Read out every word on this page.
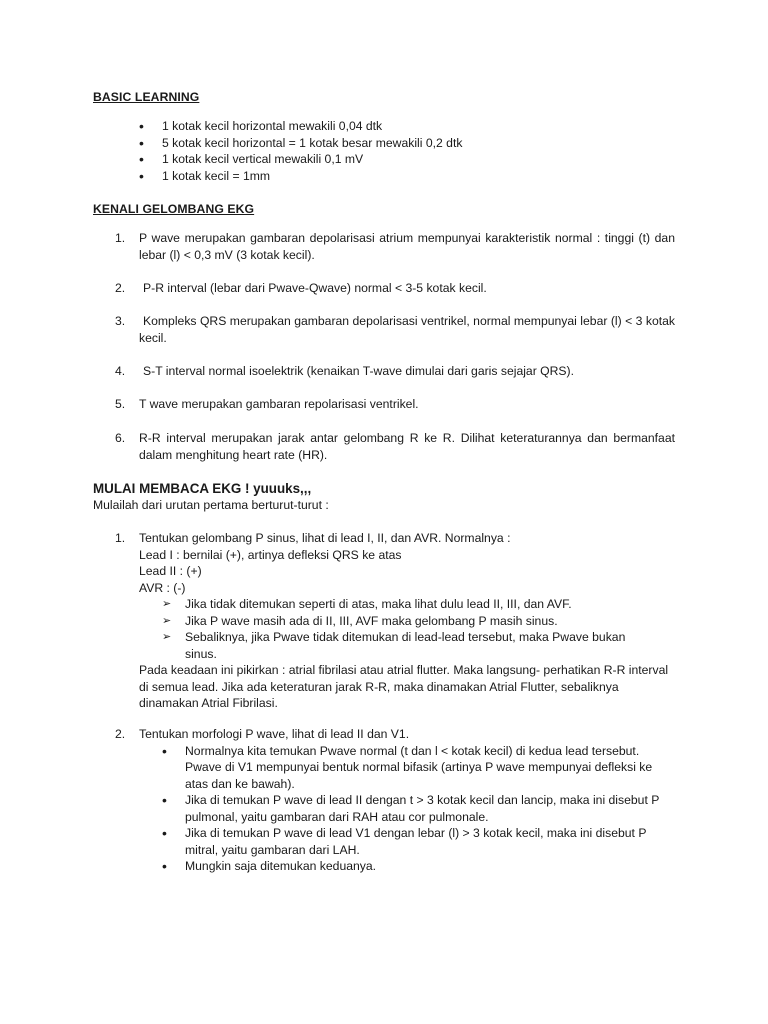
BASIC LEARNING
• 1 kotak kecil horizontal mewakili 0,04 dtk
• 5 kotak kecil horizontal = 1 kotak besar mewakili 0,2 dtk
• 1 kotak kecil vertical mewakili 0,1 mV
• 1 kotak kecil = 1mm
KENALI GELOMBANG EKG
1.	P wave merupakan gambaran depolarisasi atrium mempunyai karakteristik normal : tinggi (t) dan lebar (l) < 0,3 mV (3 kotak kecil).
2.	P-R interval (lebar dari Pwave-Qwave) normal < 3-5 kotak kecil.
3.	Kompleks QRS merupakan gambaran depolarisasi ventrikel, normal mempunyai lebar (l) < 3 kotak kecil.
4.	S-T interval normal isoelektrik (kenaikan T-wave dimulai dari garis sejajar QRS).
5.	T wave merupakan gambaran repolarisasi ventrikel.
6.	R-R interval merupakan jarak antar gelombang R ke R. Dilihat keteraturannya dan bermanfaat dalam menghitung heart rate (HR).
MULAI MEMBACA EKG ! yuuuks,,,
Mulailah dari urutan pertama berturut-turut :
1.	Tentukan gelombang P sinus, lihat di lead I, II, dan AVR. Normalnya :
Lead I : bernilai (+), artinya defleksi QRS ke atas
Lead II : (+)
AVR : (-)
➢ Jika tidak ditemukan seperti di atas, maka lihat dulu lead II, III, dan AVF.
➢ Jika P wave masih ada di II, III, AVF maka gelombang P masih sinus.
➢ Sebaliknya, jika Pwave tidak ditemukan di lead-lead tersebut, maka Pwave bukan sinus.
Pada keadaan ini pikirkan : atrial fibrilasi atau atrial flutter. Maka langsung- perhatikan R-R interval di semua lead. Jika ada keteraturan jarak R-R, maka dinamakan Atrial Flutter, sebaliknya dinamakan Atrial Fibrilasi.
2.	Tentukan morfologi P wave, lihat di lead II dan V1.
• Normalnya kita temukan Pwave normal (t dan l < kotak kecil) di kedua lead tersebut. Pwave di V1 mempunyai bentuk normal bifasik (artinya P wave mempunyai defleksi ke atas dan ke bawah).
• Jika di temukan P wave di lead II dengan t > 3 kotak kecil dan lancip, maka ini disebut P pulmonal, yaitu gambaran dari RAH atau cor pulmonale.
• Jika di temukan P wave di lead V1 dengan lebar (l) > 3 kotak kecil, maka ini disebut P mitral, yaitu gambaran dari LAH.
• Mungkin saja ditemukan keduanya.
